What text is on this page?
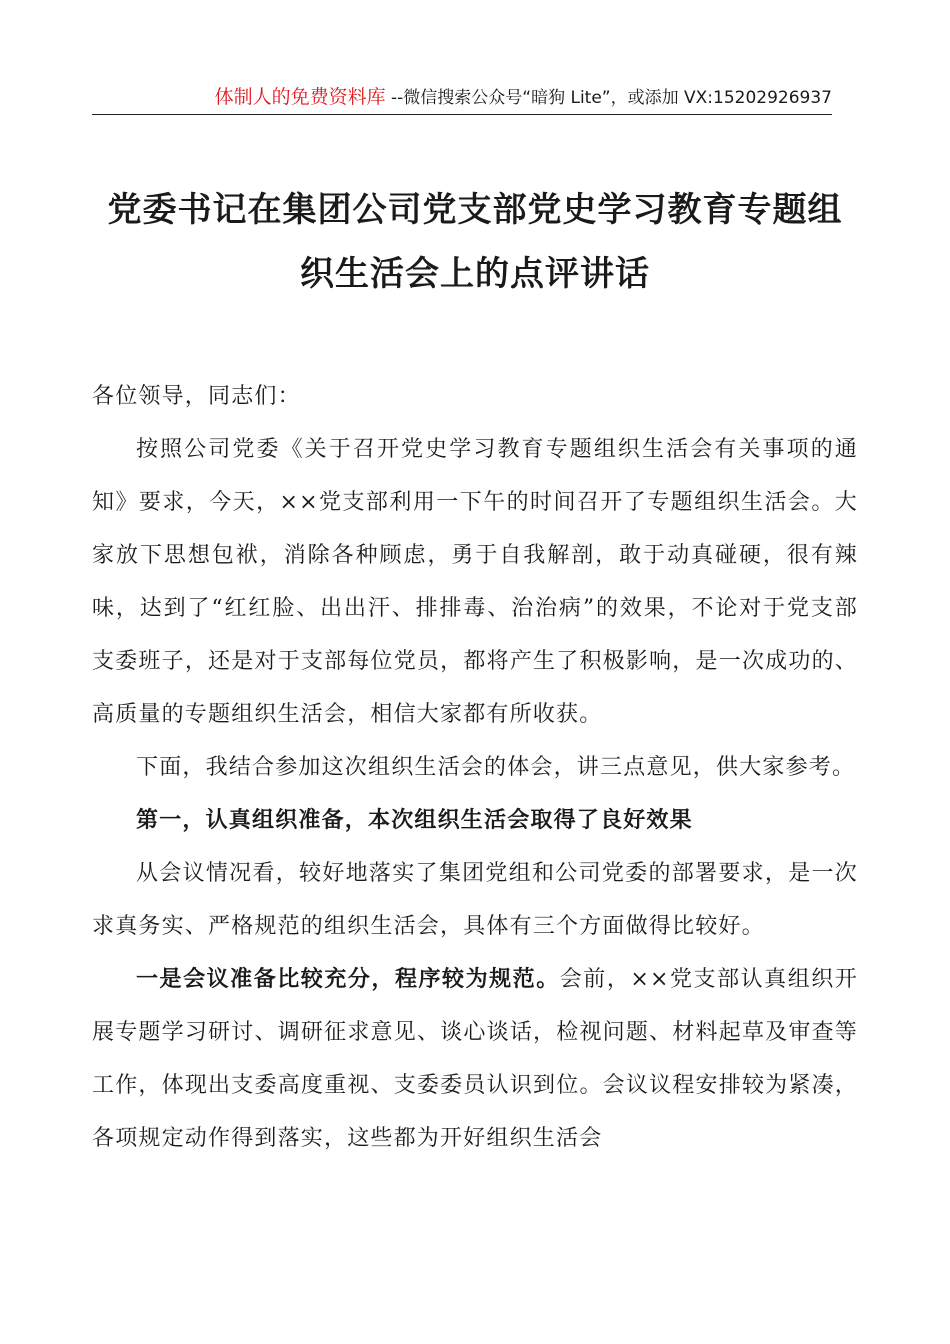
体制人的免费资料库 --微信搜索公众号“暗狗 Lite”，或添加 VX:15202926937
党委书记在集团公司党支部党史学习教育专题组织生活会上的点评讲话

各位领导，同志们：

按照公司党委《关于召开党史学习教育专题组织生活会有关事项的通知》要求，今天，××党支部利用一下午的时间召开了专题组织生活会。大家放下思想包袱，消除各种顾虑，勇于自我解剖，敢于动真碰硬，很有辣味，达到了“红红脸、出出汗、排排毒、治治病”的效果，不论对于党支部支委班子，还是对于支部每位党员，都将产生了积极影响，是一次成功的、高质量的专题组织生活会，相信大家都有所收获。

下面，我结合参加这次组织生活会的体会，讲三点意见，供大家参考。

第一，认真组织准备，本次组织生活会取得了良好效果

从会议情况看，较好地落实了集团党组和公司党委的部署要求，是一次求真务实、严格规范的组织生活会，具体有三个方面做得比较好。

一是会议准备比较充分，程序较为规范。会前，××党支部认真组织开展专题学习研讨、调研征求意见、谈心谈话，检视问题、材料起草及审查等工作，体现出支委高度重视、支委委员认识到位。会议议程安排较为紧凑，各项规定动作得到落实，这些都为开好组织生活会
